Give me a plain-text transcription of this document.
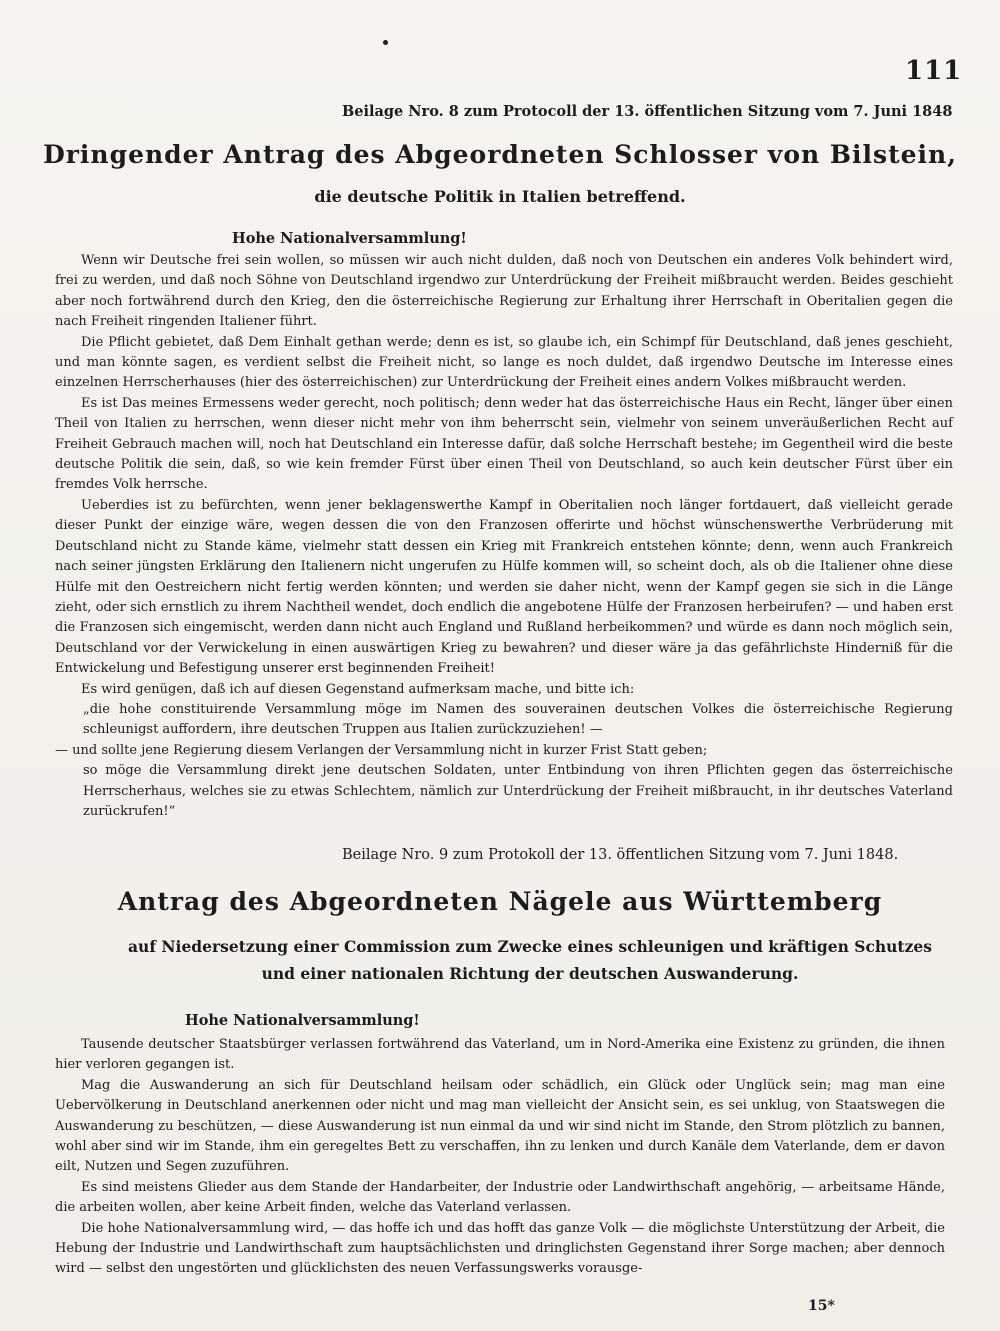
111
Beilage Nro. 8 zum Protocoll der 13. öffentlichen Sitzung vom 7. Juni 1848
Dringender Antrag des Abgeordneten Schlosser von Bilstein,
die deutsche Politik in Italien betreffend.
Hohe Nationalversammlung!

Wenn wir Deutsche frei sein wollen, so müssen wir auch nicht dulden, daß noch von Deutschen ein anderes Volk behindert wird, frei zu werden, und daß noch Söhne von Deutschland irgendwo zur Unterdrückung der Freiheit mißbraucht werden. Beides geschieht aber noch fortwährend durch den Krieg, den die österreichische Regierung zur Erhaltung ihrer Herrschaft in Oberitalien gegen die nach Freiheit ringenden Italiener führt.

Die Pflicht gebietet, daß Dem Einhalt gethan werde; denn es ist, so glaube ich, ein Schimpf für Deutschland, daß jenes geschieht, und man könnte sagen, es verdient selbst die Freiheit nicht, so lange es noch duldet, daß irgendwo Deutsche im Interesse eines einzelnen Herrscherhauses (hier des österreichischen) zur Unterdrückung der Freiheit eines andern Volkes mißbraucht werden.

Es ist Das meines Ermessens weder gerecht, noch politisch; denn weder hat das österreichische Haus ein Recht, länger über einen Theil von Italien zu herrschen, wenn dieser nicht mehr von ihm beherrscht sein, vielmehr von seinem unveräußerlichen Recht auf Freiheit Gebrauch machen will, noch hat Deutschland ein Interesse dafür, daß solche Herrschaft bestehe; im Gegentheil wird die beste deutsche Politik die sein, daß, so wie kein fremder Fürst über einen Theil von Deutschland, so auch kein deutscher Fürst über ein fremdes Volk herrsche.

Ueberdies ist zu befürchten, wenn jener beklagenswerthe Kampf in Oberitalien noch länger fortdauert, daß vielleicht gerade dieser Punkt der einzige wäre, wegen dessen die von den Franzosen offerirte und höchst wünschenswerthe Verbrüderung mit Deutschland nicht zu Stande käme, vielmehr statt dessen ein Krieg mit Frankreich entstehen könnte; denn, wenn auch Frankreich nach seiner jüngsten Erklärung den Italienern nicht ungerufen zu Hülfe kommen will, so scheint doch, als ob die Italiener ohne diese Hülfe mit den Oestreichern nicht fertig werden könnten; und werden sie daher nicht, wenn der Kampf gegen sie sich in die Länge zieht, oder sich ernstlich zu ihrem Nachtheil wendet, doch endlich die angebotene Hülfe der Franzosen herbeirufen? — und haben erst die Franzosen sich eingemischt, werden dann nicht auch England und Rußland herbeikommen? und würde es dann noch möglich sein, Deutschland vor der Verwickelung in einen auswärtigen Krieg zu bewahren? und dieser wäre ja das gefährlichste Hinderniß für die Entwickelung und Befestigung unserer erst beginnenden Freiheit!

Es wird genügen, daß ich auf diesen Gegenstand aufmerksam mache, und bitte ich:

„die hohe constituirende Versammlung möge im Namen des souverainen deutschen Volkes die österreichische Regierung schleunigst auffordern, ihre deutschen Truppen aus Italien zurückzuziehen! —

— und sollte jene Regierung diesem Verlangen der Versammlung nicht in kurzer Frist Statt geben;

so möge die Versammlung direkt jene deutschen Soldaten, unter Entbindung von ihren Pflichten gegen das österreichische Herrscherhaus, welches sie zu etwas Schlechtem, nämlich zur Unterdrückung der Freiheit mißbraucht, in ihr deutsches Vaterland zurückrufen!“

Beilage Nro. 9 zum Protokoll der 13. öffentlichen Sitzung vom 7. Juni 1848.
Antrag des Abgeordneten Nägele aus Württemberg
auf Niedersetzung einer Commission zum Zwecke eines schleunigen und kräftigen Schutzes und einer nationalen Richtung der deutschen Auswanderung.
Hohe Nationalversammlung!

Tausende deutscher Staatsbürger verlassen fortwährend das Vaterland, um in Nord-Amerika eine Existenz zu gründen, die ihnen hier verloren gegangen ist.

Mag die Auswanderung an sich für Deutschland heilsam oder schädlich, ein Glück oder Unglück sein; mag man eine Uebervölkerung in Deutschland anerkennen oder nicht und mag man vielleicht der Ansicht sein, es sei unklug, von Staatswegen die Auswanderung zu beschützen, — diese Auswanderung ist nun einmal da und wir sind nicht im Stande, den Strom plötzlich zu bannen, wohl aber sind wir im Stande, ihm ein geregeltes Bett zu verschaffen, ihn zu lenken und durch Kanäle dem Vaterlande, dem er davon eilt, Nutzen und Segen zuzuführen.

Es sind meistens Glieder aus dem Stande der Handarbeiter, der Industrie oder Landwirthschaft angehörig, — arbeitsame Hände, die arbeiten wollen, aber keine Arbeit finden, welche das Vaterland verlassen.

Die hohe Nationalversammlung wird, — das hoffe ich und das hofft das ganze Volk — die möglichste Unterstützung der Arbeit, die Hebung der Industrie und Landwirthschaft zum hauptsächlichsten und dringlichsten Gegenstand ihrer Sorge machen; aber dennoch wird — selbst den ungestörten und glücklichsten des neuen Verfassungswerks vorausge-

15*
